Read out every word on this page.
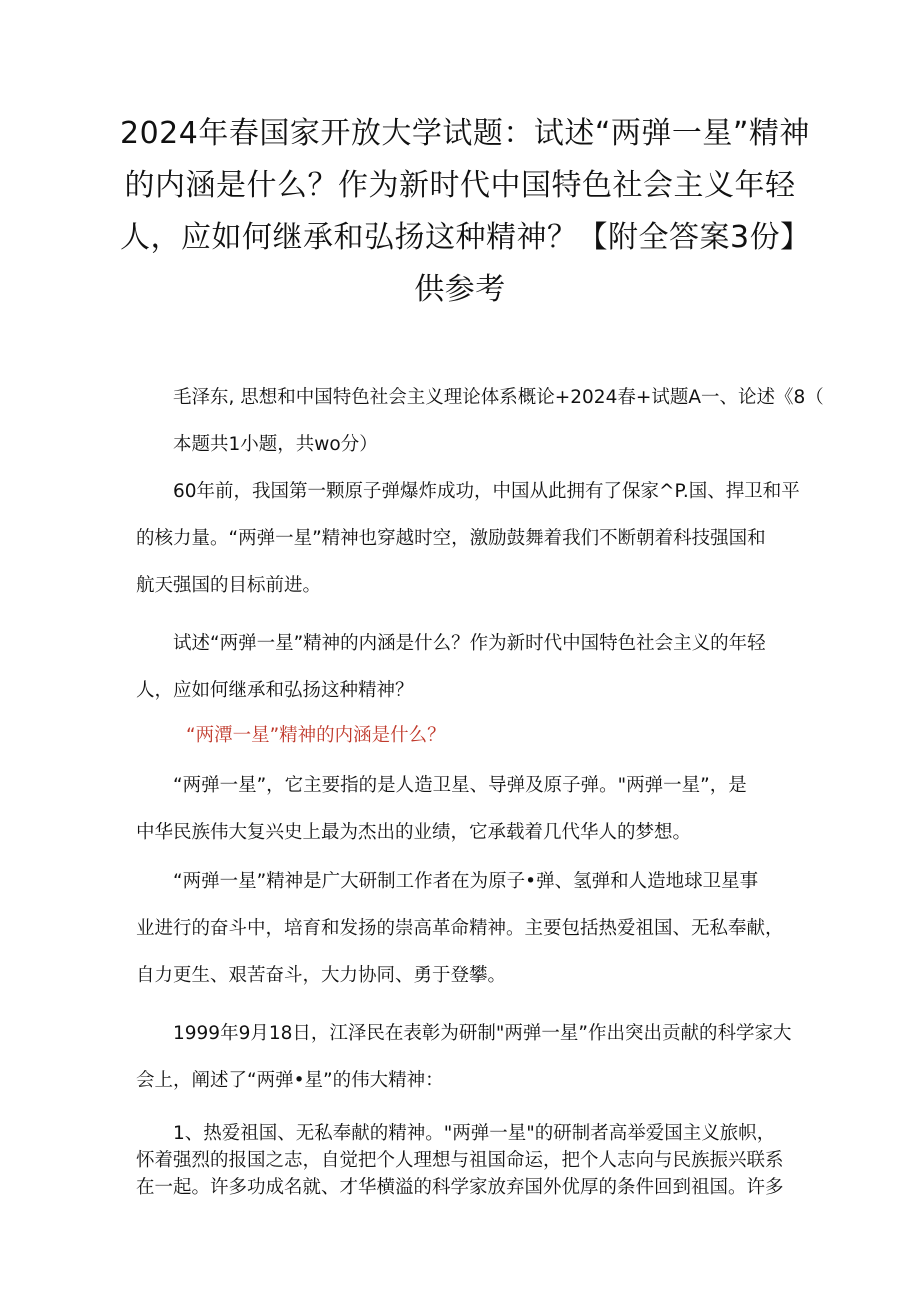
2024年春国家开放大学试题：试述“两弹一星”精神
的内涵是什么？作为新时代中国特色社会主义年轻
人，应如何继承和弘扬这种精神？【附全答案3份】
供参考

毛泽东, 思想和中国特色社会主义理论体系概论+2024春+试题A一、论述《8（
本题共1小题，共wo分）

60年前，我国第一颗原子弹爆炸成功，中国从此拥有了保家^P.国、捍卫和平
的核力量。“两弹一星”精神也穿越时空，激励鼓舞着我们不断朝着科技强国和
航天强国的目标前进。

试述“两弹一星”精神的内涵是什么？作为新时代中国特色社会主义的年轻
人，应如何继承和弘扬这种精神？

“两潭一星”精神的内涵是什么？

“两弹一星”，它主要指的是人造卫星、导弹及原子弹。"两弹一星”，是
中华民族伟大复兴史上最为杰出的业绩，它承载着几代华人的梦想。

“两弹一星”精神是广大研制工作者在为原子•弹、氢弹和人造地球卫星事
业进行的奋斗中，培育和发扬的崇高革命精神。主要包括热爱祖国、无私奉献，
自力更生、艰苦奋斗，大力协同、勇于登攀。

1999年9月18日，江泽民在表彰为研制"两弹一星”作出突出贡献的科学家大
会上，阐述了“两弹•星”的伟大精神：

1、热爱祖国、无私奉献的精神。"两弹一星"的研制者高举爱国主义旅帜，
怀着强烈的报国之志，自觉把个人理想与祖国命运，把个人志向与民族振兴联系
在一起。许多功成名就、才华横溢的科学家放弃国外优厚的条件回到祖国。许多
